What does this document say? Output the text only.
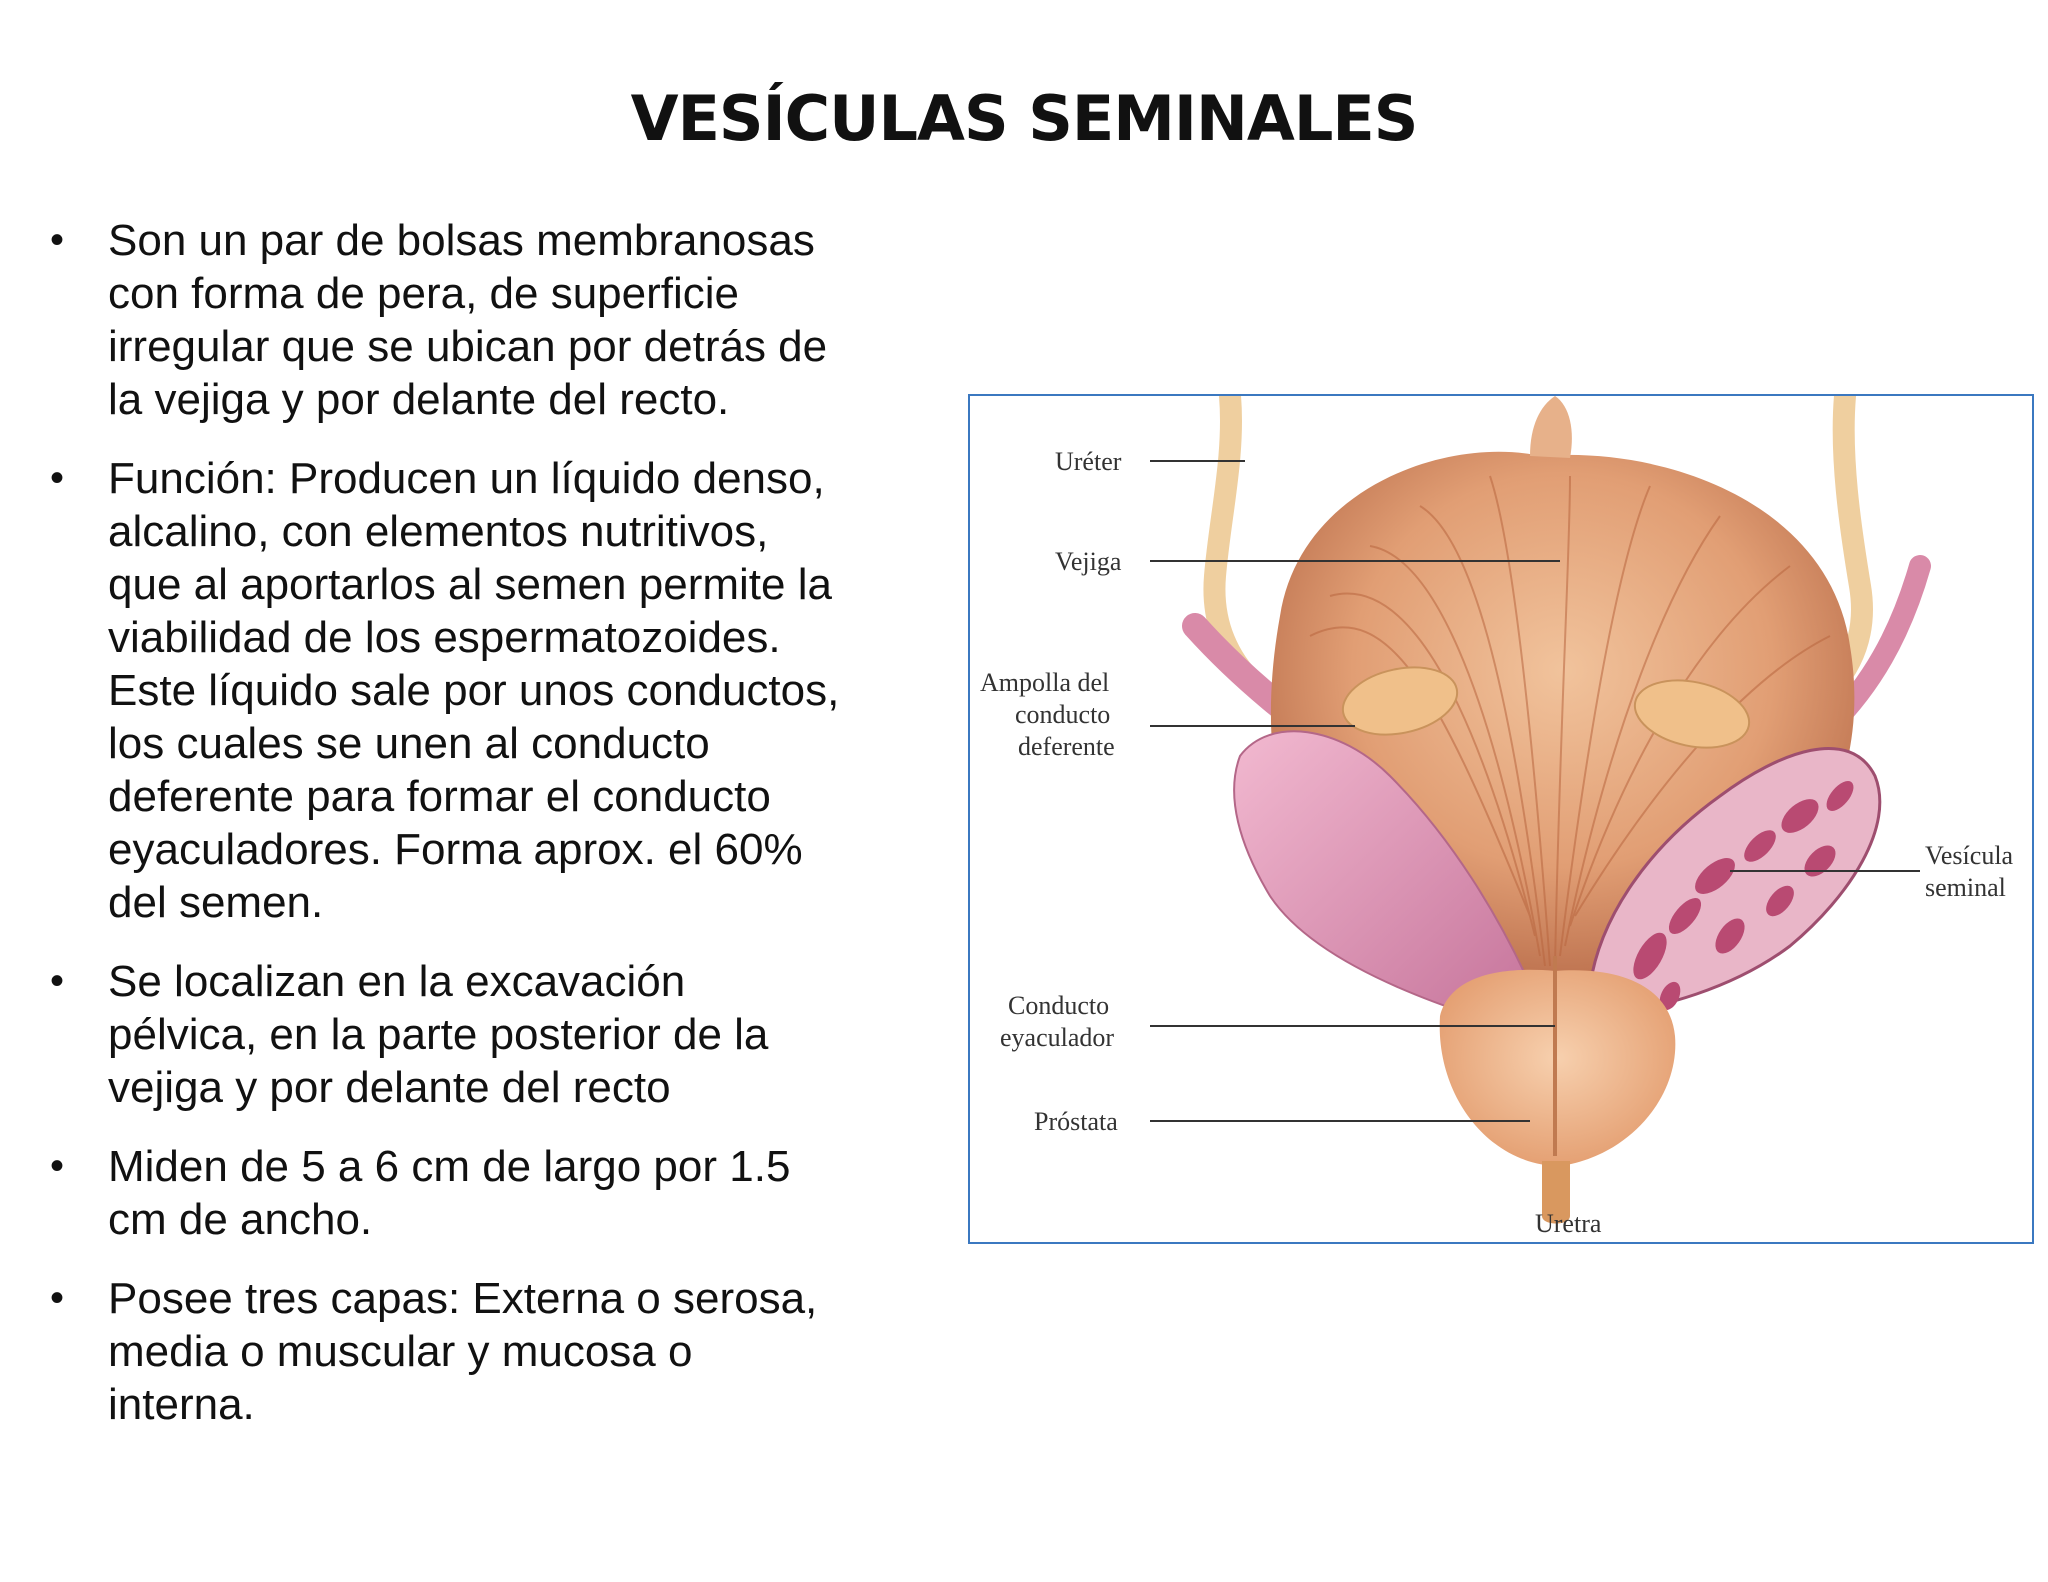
VESÍCULAS SEMINALES
• Son un par de bolsas membranosas
con forma de pera, de superficie
irregular que se ubican por detrás de
la vejiga y por delante del recto.
• Función: Producen un líquido denso,
alcalino, con elementos nutritivos,
que al aportarlos al semen permite la
viabilidad de los espermatozoides.
Este líquido sale por unos conductos,
los cuales se unen al conducto
deferente para formar el conducto
eyaculadores. Forma aprox. el 60%
del semen.
• Se localizan en la excavación
pélvica, en la parte posterior de la
vejiga y por delante del recto
• Miden de 5 a 6 cm de largo por 1.5
cm de ancho.
• Posee tres capas: Externa o serosa,
media o muscular y mucosa o
interna.
Uréter
Vejiga
Ampolla del
conducto
deferente
Conducto
eyaculador
Próstata
Uretra
Vesícula
seminal
